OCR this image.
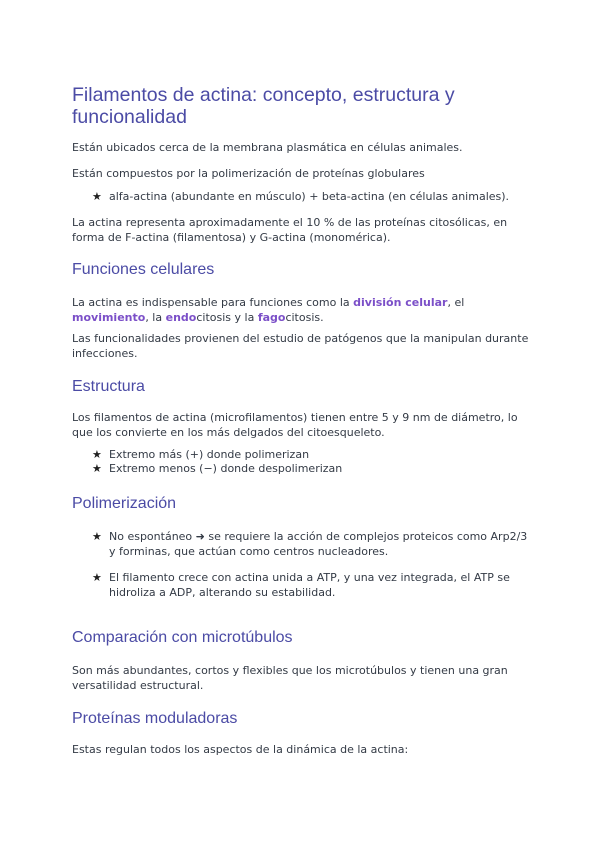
Filamentos de actina: concepto, estructura y funcionalidad

Están ubicados cerca de la membrana plasmática en células animales.

Están compuestos por la polimerización de proteínas globulares

★ alfa-actina (abundante en músculo) + beta-actina (en células animales).

La actina representa aproximadamente el 10 % de las proteínas citosólicas, en forma de F-actina (filamentosa) y G-actina (monomérica).

Funciones celulares

La actina es indispensable para funciones como la división celular, el movimiento, la endocitosis y la fagocitosis.

Las funcionalidades provienen del estudio de patógenos que la manipulan durante infecciones.

Estructura

Los filamentos de actina (microfilamentos) tienen entre 5 y 9 nm de diámetro, lo que los convierte en los más delgados del citoesqueleto.

★ Extremo más (+) donde polimerizan
★ Extremo menos (−) donde despolimerizan
Polimerización
★ No espontáneo ➜ se requiere la acción de complejos proteicos como Arp2/3 y forminas, que actúan como centros nucleadores.
★ El filamento crece con actina unida a ATP, y una vez integrada, el ATP se hidroliza a ADP, alterando su estabilidad.
Comparación con microtúbulos

Son más abundantes, cortos y flexibles que los microtúbulos y tienen una gran versatilidad estructural.

Proteínas moduladoras

Estas regulan todos los aspectos de la dinámica de la actina:
